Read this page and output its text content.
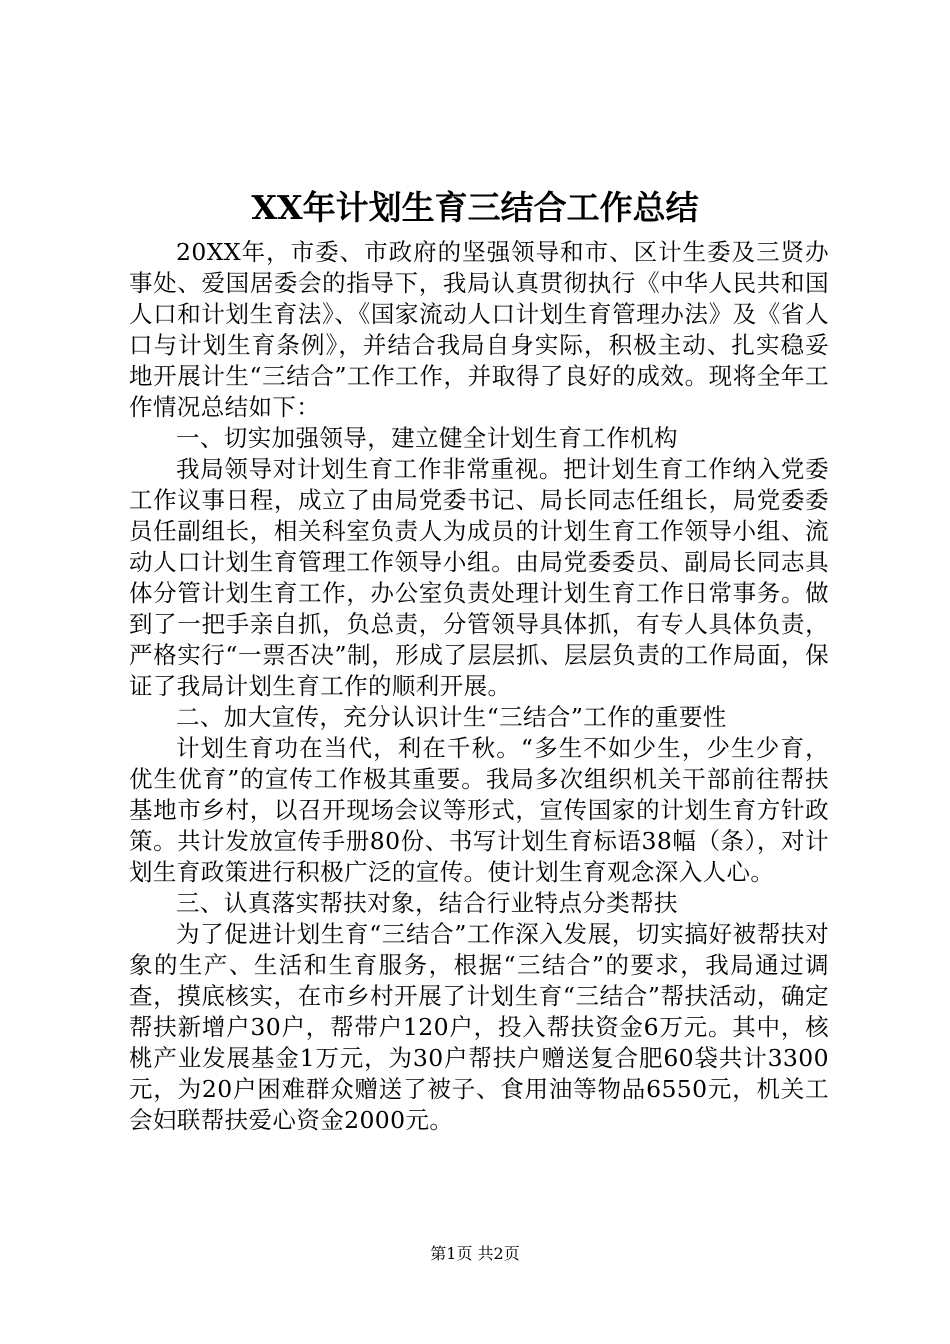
XX年计划生育三结合工作总结

20XX年，市委、市政府的坚强领导和市、区计生委及三贤办事处、爱国居委会的指导下，我局认真贯彻执行《中华人民共和国人口和计划生育法》、《国家流动人口计划生育管理办法》及《省人口与计划生育条例》，并结合我局自身实际，积极主动、扎实稳妥地开展计生“三结合”工作工作，并取得了良好的成效。现将全年工作情况总结如下：

一、切实加强领导，建立健全计划生育工作机构

我局领导对计划生育工作非常重视。把计划生育工作纳入党委工作议事日程，成立了由局党委书记、局长同志任组长，局党委委员任副组长，相关科室负责人为成员的计划生育工作领导小组、流动人口计划生育管理工作领导小组。由局党委委员、副局长同志具体分管计划生育工作，办公室负责处理计划生育工作日常事务。做到了一把手亲自抓，负总责，分管领导具体抓，有专人具体负责，严格实行“一票否决”制，形成了层层抓、层层负责的工作局面，保证了我局计划生育工作的顺利开展。

二、加大宣传，充分认识计生“三结合”工作的重要性

计划生育功在当代，利在千秋。“多生不如少生，少生少育，优生优育”的宣传工作极其重要。我局多次组织机关干部前往帮扶基地市乡村，以召开现场会议等形式，宣传国家的计划生育方针政策。共计发放宣传手册80份、书写计划生育标语38幅（条），对计划生育政策进行积极广泛的宣传。使计划生育观念深入人心。

三、认真落实帮扶对象，结合行业特点分类帮扶

为了促进计划生育“三结合”工作深入发展，切实搞好被帮扶对象的生产、生活和生育服务，根据“三结合”的要求，我局通过调查，摸底核实，在市乡村开展了计划生育“三结合”帮扶活动，确定帮扶新增户30户，帮带户120户，投入帮扶资金6万元。其中，核桃产业发展基金1万元，为30户帮扶户赠送复合肥60袋共计3300元，为20户困难群众赠送了被子、食用油等物品6550元，机关工会妇联帮扶爱心资金2000元。

第1页 共2页
